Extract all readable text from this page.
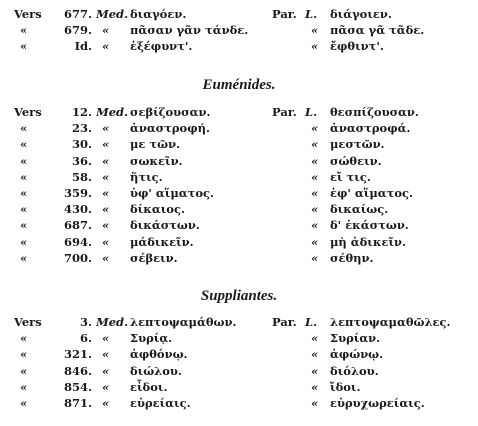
Vers	677. Med. διαγόεν.	Par. L. διάγοιεν.
«	679. « πᾶσαν γᾶν τάνδε.	« πᾶσα γᾶ τᾶδε.
«	Id. « ἐξέφυντ'.	« ἔφθιντ'.
Euménides.
Vers	12. Med. σεβίζουσαν.	Par. L. θεσπίζουσαν.
«	23. « ἀναστροφή.	« ἀναστροφά.
«	30. « με τῶν.	« μεστῶν.
«	36. « σωκεῖν.	« σώθειν.
«	58. « ἥτις.	« εἴ τις.
«	359. « ὑφ' αἵματος.	« ἐφ' αἵματος.
«	430. « δίκαιος.	« δικαίως.
«	687. « δικάστων.	« δ' ἑκάστων.
«	694. « μάδικεῖν.	« μὴ ἀδικεῖν.
«	700. « σέβειν.	« σέθην.
Suppliantes.
Vers	3. Med. λεπτοψαμάθων.	Par. L. λεπτοψαμαθῶλες.
«	6. « Συρίᾳ.	« Συρίαν.
«	321. « ἀφθόνῳ.	« ἀφώνῳ.
«	846. « διώλου.	« διόλου.
«	854. « εἶδοι.	« ἴδοι.
«	871. « εὐρείαις.	« εὐρυχωρείαις.
